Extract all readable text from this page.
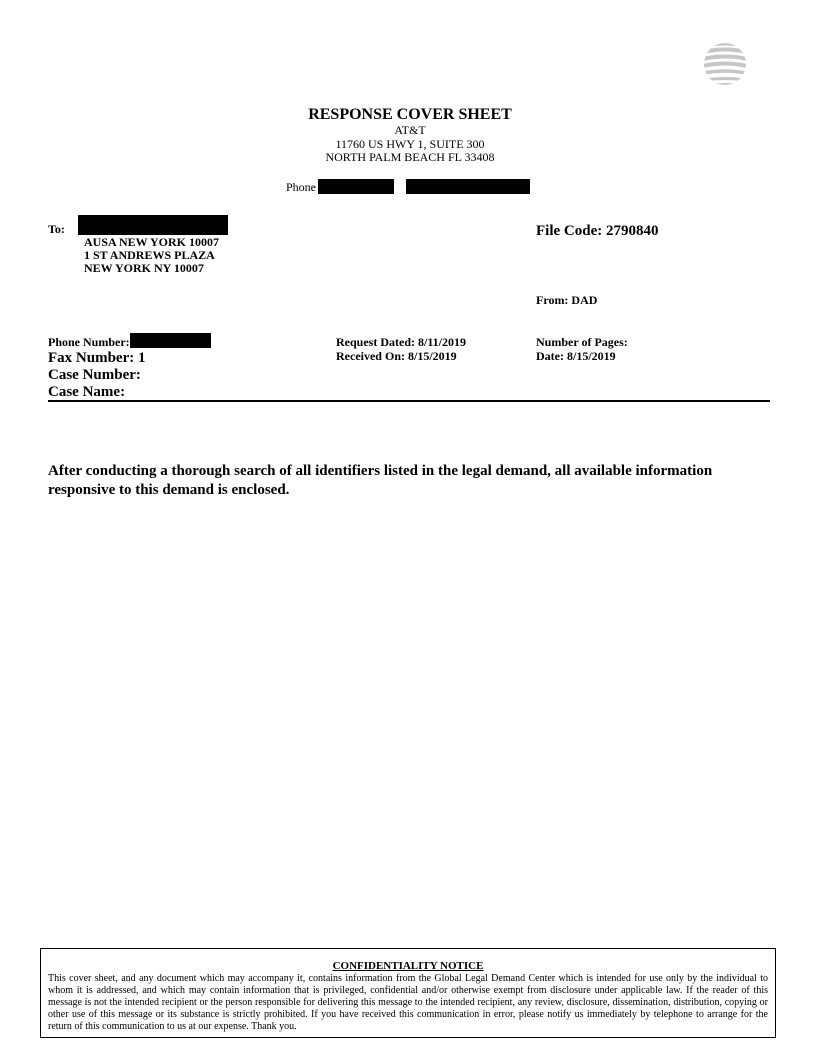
RESPONSE COVER SHEET
AT&T
11760 US HWY 1, SUITE 300
NORTH PALM BEACH FL 33408
Phone
To:
AUSA NEW YORK 10007
1 ST ANDREWS PLAZA
NEW YORK NY 10007
File Code: 2790840
From: DAD
Phone Number:
Fax Number: 1
Case Number:
Case Name:
Request Dated: 8/11/2019
Received On: 8/15/2019
Number of Pages:
Date: 8/15/2019
After conducting a thorough search of all identifiers listed in the legal demand, all available information responsive to this demand is enclosed.
CONFIDENTIALITY NOTICE
This cover sheet, and any document which may accompany it, contains information from the Global Legal Demand Center which is intended for use only by the individual to whom it is addressed, and which may contain information that is privileged, confidential and/or otherwise exempt from disclosure under applicable law. If the reader of this message is not the intended recipient or the person responsible for delivering this message to the intended recipient, any review, disclosure, dissemination, distribution, copying or other use of this message or its substance is strictly prohibited. If you have received this communication in error, please notify us immediately by telephone to arrange for the return of this communication to us at our expense. Thank you.
